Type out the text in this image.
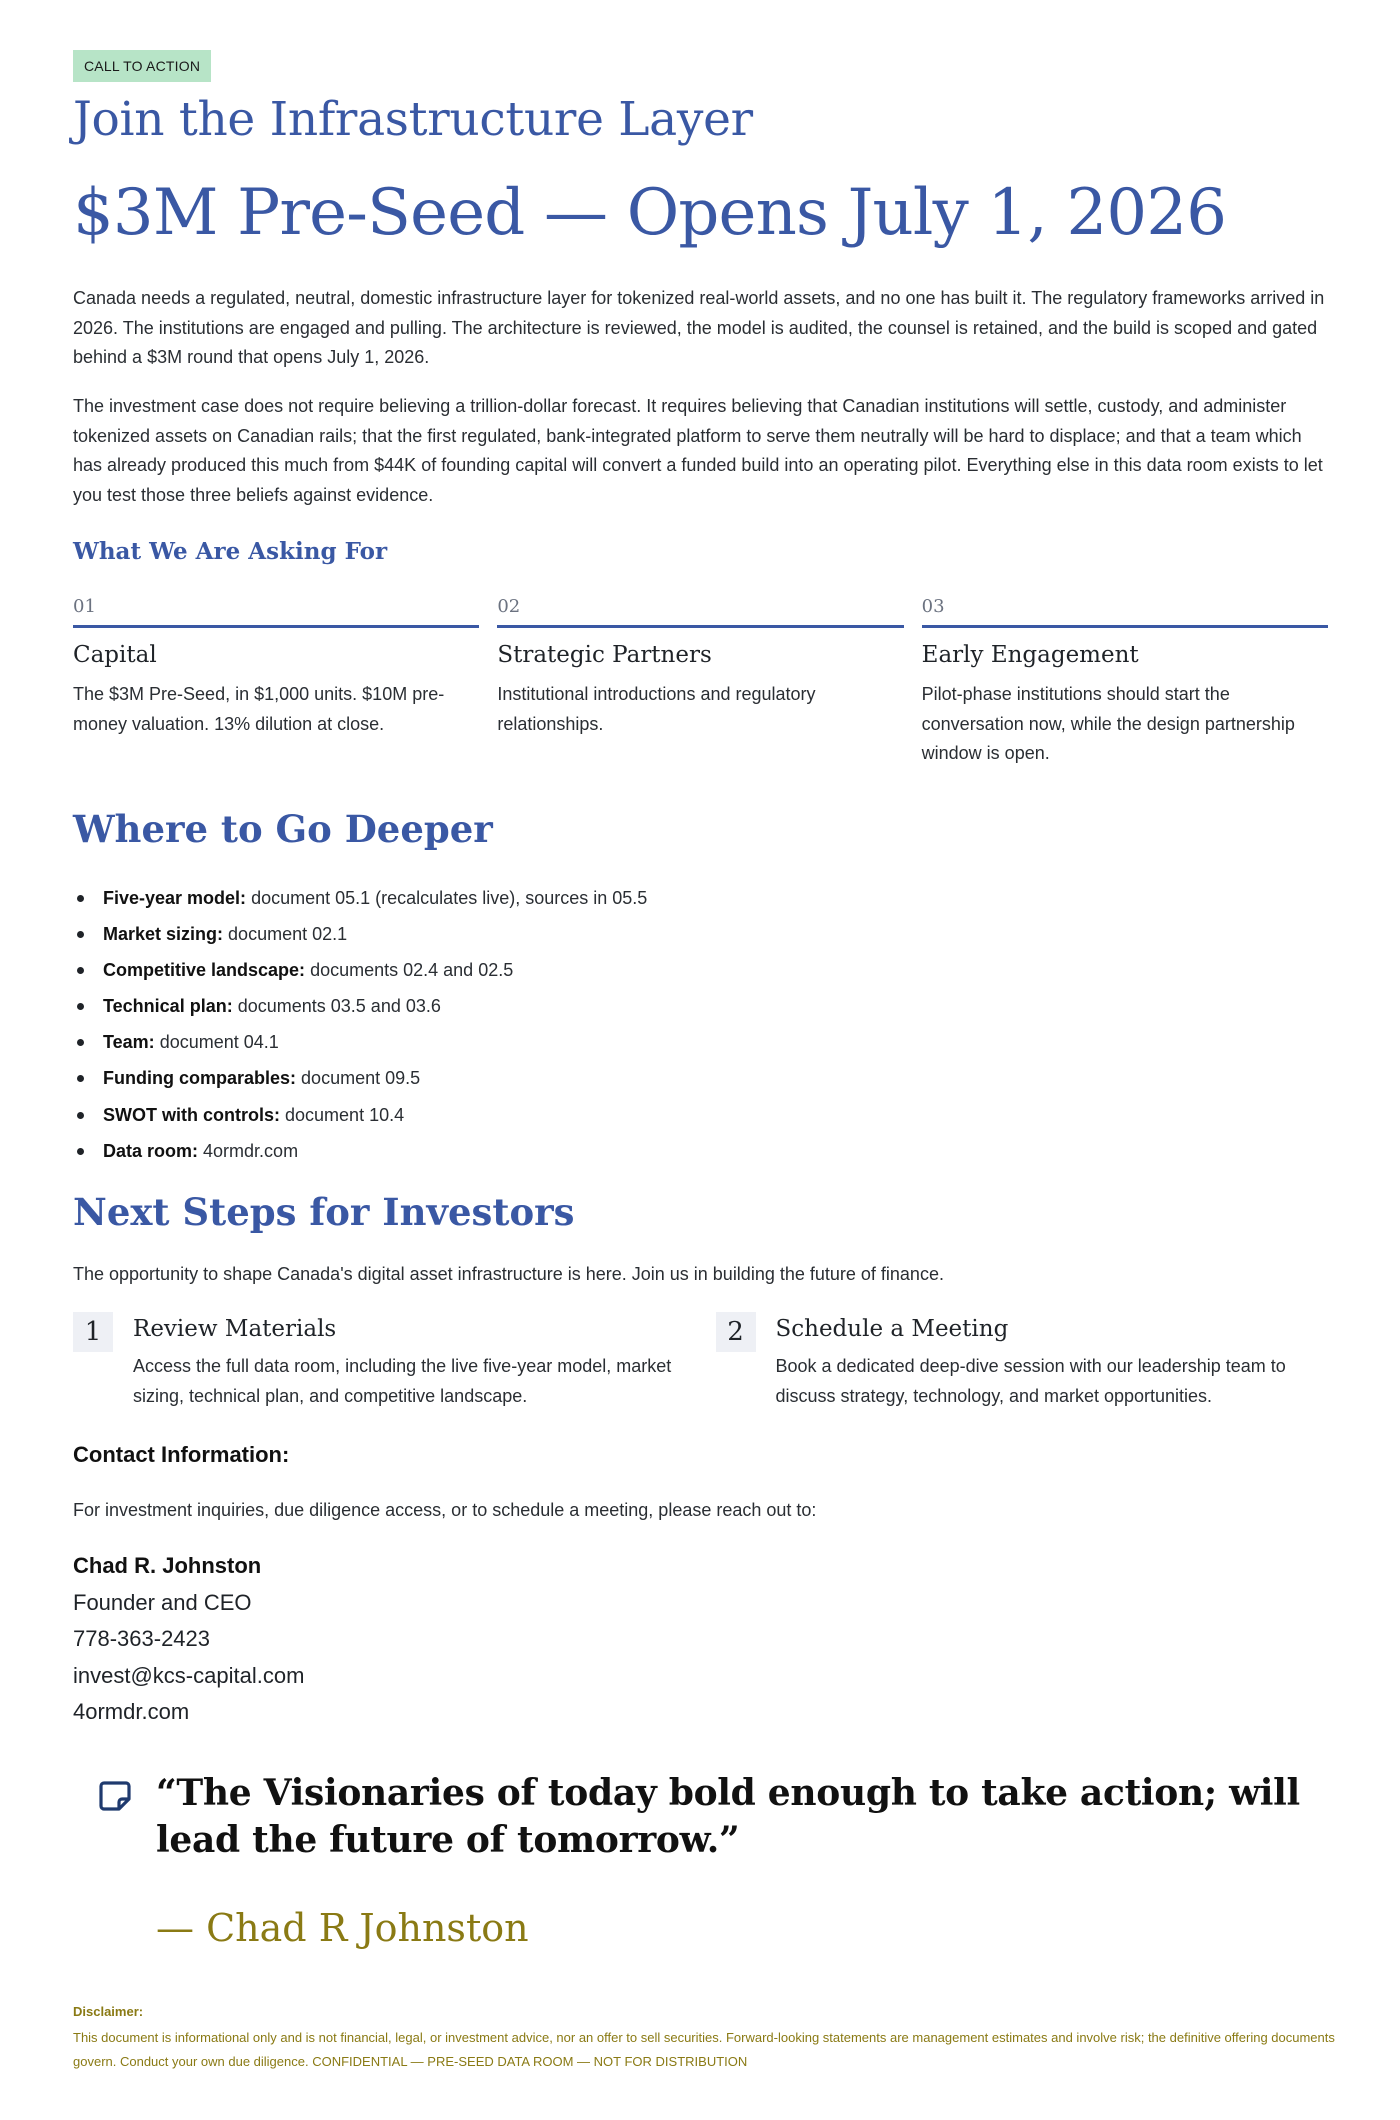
CALL TO ACTION
Join the Infrastructure Layer
$3M Pre-Seed — Opens July 1, 2026

Canada needs a regulated, neutral, domestic infrastructure layer for tokenized real-world assets, and no one has built it. The regulatory frameworks arrived in 2026. The institutions are engaged and pulling. The architecture is reviewed, the model is audited, the counsel is retained, and the build is scoped and gated behind a $3M round that opens July 1, 2026.

The investment case does not require believing a trillion-dollar forecast. It requires believing that Canadian institutions will settle, custody, and administer tokenized assets on Canadian rails; that the first regulated, bank-integrated platform to serve them neutrally will be hard to displace; and that a team which has already produced this much from $44K of founding capital will convert a funded build into an operating pilot. Everything else in this data room exists to let you test those three beliefs against evidence.

What We Are Asking For
01
Capital
The $3M Pre-Seed, in $1,000 units. $10M pre-money valuation. 13% dilution at close.
02
Strategic Partners
Institutional introductions and regulatory relationships.
03
Early Engagement
Pilot-phase institutions should start the conversation now, while the design partnership window is open.
Where to Go Deeper
Five-year model: document 05.1 (recalculates live), sources in 05.5
Market sizing: document 02.1
Competitive landscape: documents 02.4 and 02.5
Technical plan: documents 03.5 and 03.6
Team: document 04.1
Funding comparables: document 09.5
SWOT with controls: document 10.4
Data room: 4ormdr.com
Next Steps for Investors

The opportunity to shape Canada's digital asset infrastructure is here. Join us in building the future of finance.

1	Review Materials
Access the full data room, including the live five-year model, market sizing, technical plan, and competitive landscape.
2	Schedule a Meeting
Book a dedicated deep-dive session with our leadership team to discuss strategy, technology, and market opportunities.
Contact Information:

For investment inquiries, due diligence access, or to schedule a meeting, please reach out to:

Chad R. Johnston
Founder and CEO
778-363-2423
invest@kcs-capital.com
4ormdr.com
“The Visionaries of today bold enough to take action; will lead the future of tomorrow.”
— Chad R Johnston
Disclaimer:

This document is informational only and is not financial, legal, or investment advice, nor an offer to sell securities. Forward-looking statements are management estimates and involve risk; the definitive offering documents govern. Conduct your own due diligence. CONFIDENTIAL — PRE-SEED DATA ROOM — NOT FOR DISTRIBUTION
